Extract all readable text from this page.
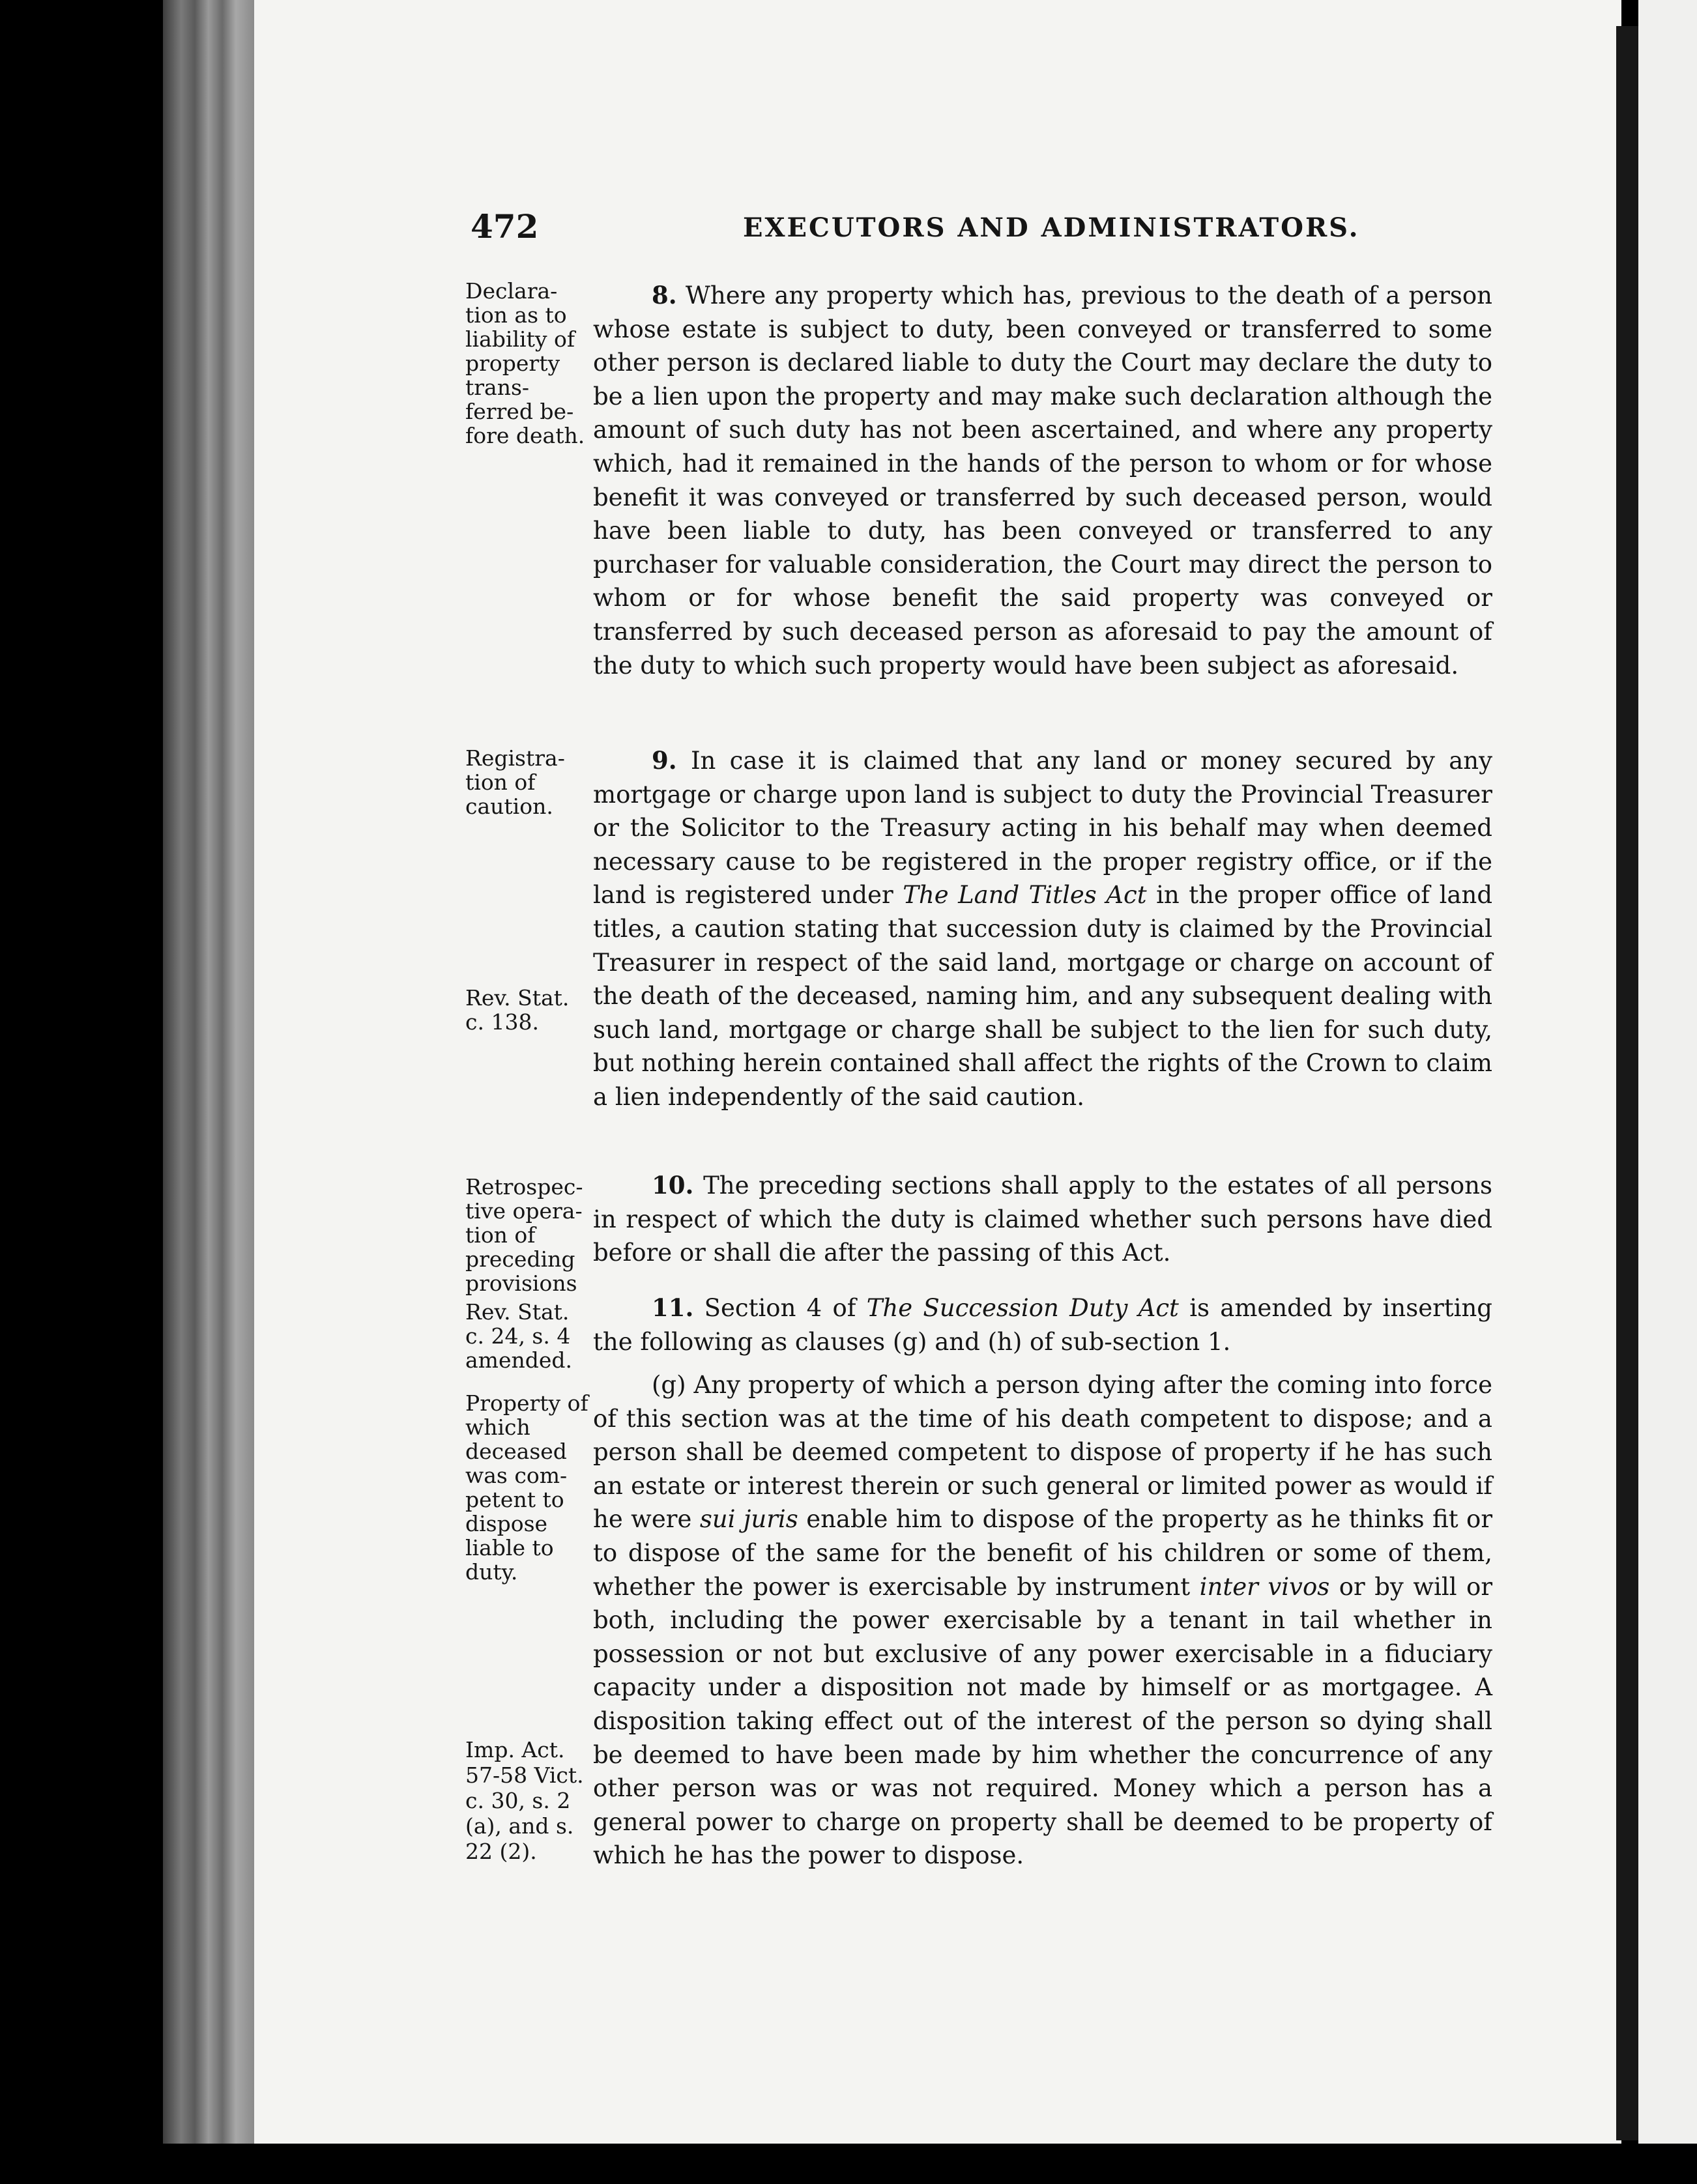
472	EXECUTORS AND ADMINISTRATORS.

Declara-tion as to liability of property trans-ferred be-fore death.

8. Where any property which has, previous to the death of a person whose estate is subject to duty, been conveyed or transferred to some other person is declared liable to duty the Court may declare the duty to be a lien upon the property and may make such declaration although the amount of such duty has not been ascertained, and where any property which, had it remained in the hands of the person to whom or for whose benefit it was conveyed or transferred by such deceased person, would have been liable to duty, has been conveyed or transferred to any purchaser for valuable consideration, the Court may direct the person to whom or for whose benefit the said property was conveyed or transferred by such deceased person as aforesaid to pay the amount of the duty to which such property would have been subject as aforesaid.

Registra-tion of caution.

Rev. Stat. c. 138.

9. In case it is claimed that any land or money secured by any mortgage or charge upon land is subject to duty the Provincial Treasurer or the Solicitor to the Treasury acting in his behalf may when deemed necessary cause to be registered in the proper registry office, or if the land is registered under The Land Titles Act in the proper office of land titles, a caution stating that succession duty is claimed by the Provincial Treasurer in respect of the said land, mortgage or charge on account of the death of the deceased, naming him, and any subsequent dealing with such land, mortgage or charge shall be subject to the lien for such duty, but nothing herein contained shall affect the rights of the Crown to claim a lien independently of the said caution.

Retrospec-tive opera-tion of preceding provisions

10. The preceding sections shall apply to the estates of all persons in respect of which the duty is claimed whether such persons have died before or shall die after the passing of this Act.

Rev. Stat. c. 24, s. 4 amended.

11. Section 4 of The Succession Duty Act is amended by inserting the following as clauses (g) and (h) of sub-section 1.

Property of which deceased was com-petent to dispose liable to duty.

Imp. Act. 57-58 Vict. c. 30, s. 2 (a), and s. 22 (2).

(g) Any property of which a person dying after the coming into force of this section was at the time of his death competent to dispose; and a person shall be deemed competent to dispose of property if he has such an estate or interest therein or such general or limited power as would if he were sui juris enable him to dispose of the property as he thinks fit or to dispose of the same for the benefit of his children or some of them, whether the power is exercisable by instrument inter vivos or by will or both, including the power exercisable by a tenant in tail whether in possession or not but exclusive of any power exercisable in a fiduciary capacity under a disposition not made by himself or as mortgagee. A disposition taking effect out of the interest of the person so dying shall be deemed to have been made by him whether the concurrence of any other person was or was not required. Money which a person has a general power to charge on property shall be deemed to be property of which he has the power to dispose.
